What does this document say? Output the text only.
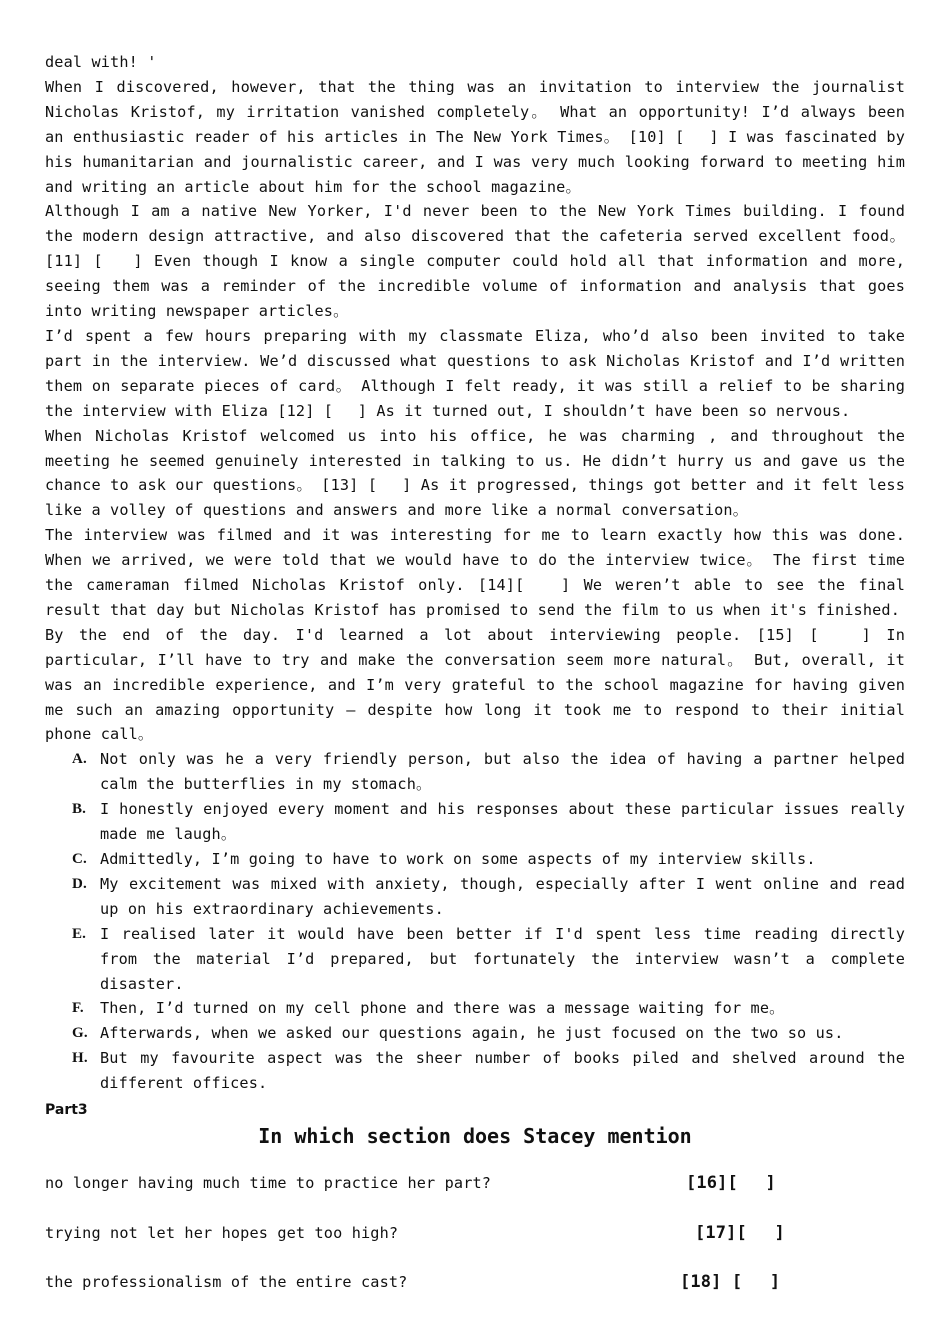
deal with! '

When I discovered, however, that the thing was an invitation to interview the journalist Nicholas Kristof, my irritation vanished completely。 What an opportunity! I’d always been an enthusiastic reader of his articles in The New York Times。 [10] [　 ] I was fascinated by his humanitarian and journalistic career, and I was very much looking forward to meeting him and writing an article about him for the school magazine。

Although I am a native New Yorker, I'd never been to the New York Times building. I found the modern design attractive, and also discovered that the cafeteria served excellent food。 [11] [　 ] Even though I know a single computer could hold all that information and more, seeing them was a reminder of the incredible volume of information and analysis that goes into writing newspaper articles。

I’d spent a few hours preparing with my classmate Eliza, who’d also been invited to take part in the interview. We’d discussed what questions to ask Nicholas Kristof and I’d written them on separate pieces of card。 Although I felt ready, it was still a relief to be sharing the interview with Eliza [12] [　 ] As it turned out, I shouldn’t have been so nervous.

When Nicholas Kristof welcomed us into his office, he was charming , and throughout the meeting he seemed genuinely interested in talking to us. He didn’t hurry us and gave us the chance to ask our questions。 [13] [　 ] As it progressed, things got better and it felt less like a volley of questions and answers and more like a normal conversation。

The interview was filmed and it was interesting for me to learn exactly how this was done. When we arrived, we were told that we would have to do the interview twice。 The first time the cameraman filmed Nicholas Kristof only. [14][　 ] We weren’t able to see the final result that day but Nicholas Kristof has promised to send the film to us when it's finished.

By the end of the day. I'd learned a lot about interviewing people. [15] [　 ] In particular, I’ll have to try and make the conversation seem more natural。 But, overall, it was an incredible experience, and I’m very grateful to the school magazine for having given me such an amazing opportunity – despite how long it took me to respond to their initial phone call。

A. Not only was he a very friendly person, but also the idea of having a partner helped calm the butterflies in my stomach。
B. I honestly enjoyed every moment and his responses about these particular issues really made me laugh。
C. Admittedly, I’m going to have to work on some aspects of my interview skills.
D. My excitement was mixed with anxiety, though, especially after I went online and read up on his extraordinary achievements.
E. I realised later it would have been better if I'd spent less time reading directly from the material I’d prepared, but fortunately the interview wasn’t a complete disaster.
F. Then, I’d turned on my cell phone and there was a message waiting for me。
G. Afterwards, when we asked our questions again, he just focused on the two so us.
H. But my favourite aspect was the sheer number of books piled and shelved around the different offices.
Part3
In which section does Stacey mention
no longer having much time to practice her part?	[16][　 ]
trying not let her hopes get too high?	[17][　 ]
the professionalism of the entire cast?	[18] [　 ]
